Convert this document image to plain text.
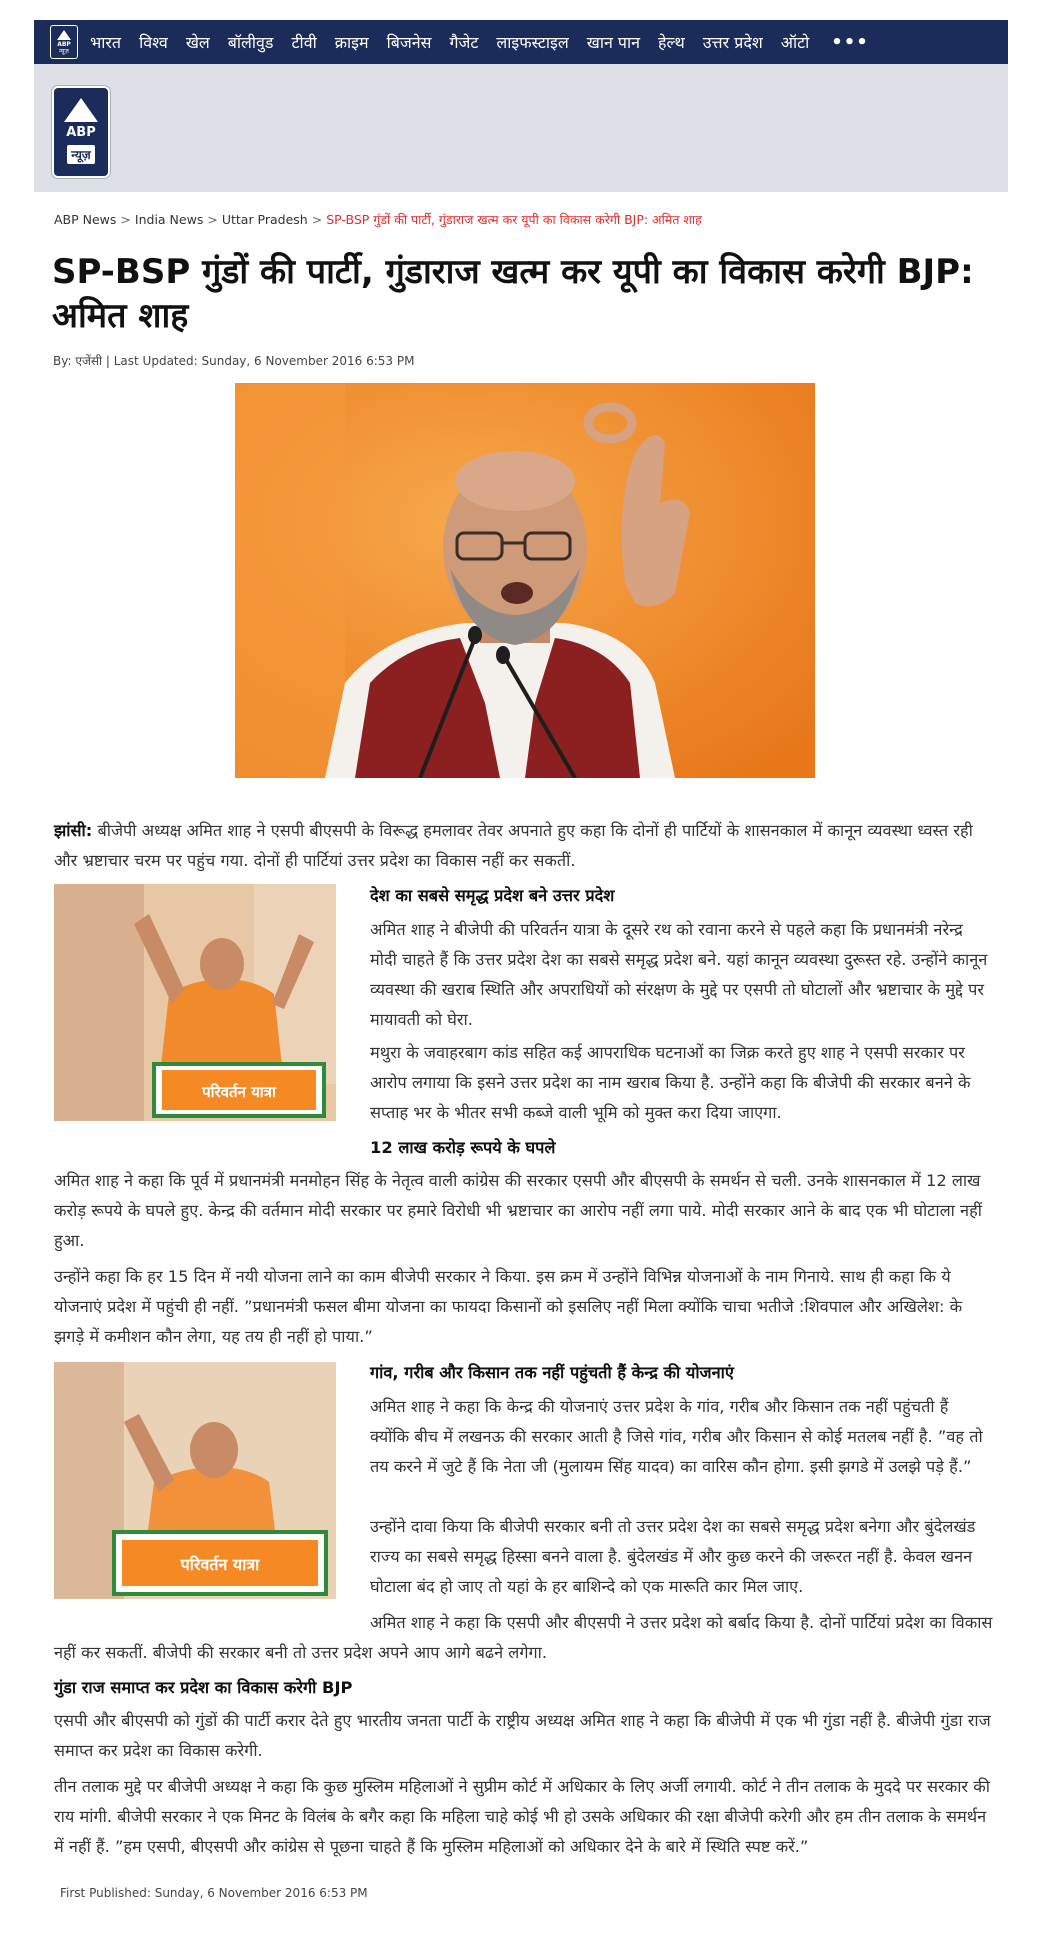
ABP
न्यूज़ भारत विश्व खेल बॉलीवुड टीवी क्राइम बिजनेस गैजेट लाइफस्टाइल खान पान हेल्थ उत्तर प्रदेश ऑटो •••
ABP
न्यूज़
ABP News > India News > Uttar Pradesh > SP-BSP गुंडों की पार्टी, गुंडाराज खत्म कर यूपी का विकास करेगी BJP: अमित शाह
SP-BSP गुंडों की पार्टी, गुंडाराज खत्म कर यूपी का विकास करेगी BJP: अमित शाह
By: एजेंसी | Last Updated: Sunday, 6 November 2016 6:53 PM

झांसी: बीजेपी अध्यक्ष अमित शाह ने एसपी बीएसपी के विरूद्ध हमलावर तेवर अपनाते हुए कहा कि दोनों ही पार्टियों के शासनकाल में कानून व्यवस्था ध्वस्त रही और भ्रष्टाचार चरम पर पहुंच गया. दोनों ही पार्टियां उत्तर प्रदेश का विकास नहीं कर सकतीं.

परिवर्तन यात्रा
देश का सबसे समृद्ध प्रदेश बने उत्तर प्रदेश

अमित शाह ने बीजेपी की परिवर्तन यात्रा के दूसरे रथ को रवाना करने से पहले कहा कि प्रधानमंत्री नरेन्द्र मोदी चाहते हैं कि उत्तर प्रदेश देश का सबसे समृद्ध प्रदेश बने. यहां कानून व्यवस्था दुरूस्त रहे. उन्होंने कानून व्यवस्था की खराब स्थिति और अपराधियों को संरक्षण के मुद्दे पर एसपी तो घोटालों और भ्रष्टाचार के मुद्दे पर मायावती को घेरा.

मथुरा के जवाहरबाग कांड सहित कई आपराधिक घटनाओं का जिक्र करते हुए शाह ने एसपी सरकार पर आरोप लगाया कि इसने उत्तर प्रदेश का नाम खराब किया है. उन्होंने कहा कि बीजेपी की सरकार बनने के सप्ताह भर के भीतर सभी कब्जे वाली भूमि को मुक्त करा दिया जाएगा.

12 लाख करोड़ रूपये के घपले

अमित शाह ने कहा कि पूर्व में प्रधानमंत्री मनमोहन सिंह के नेतृत्व वाली कांग्रेस की सरकार एसपी और बीएसपी के समर्थन से चली. उनके शासनकाल में 12 लाख करोड़ रूपये के घपले हुए. केन्द्र की वर्तमान मोदी सरकार पर हमारे विरोधी भी भ्रष्टाचार का आरोप नहीं लगा पाये. मोदी सरकार आने के बाद एक भी घोटाला नहीं हुआ.

उन्होंने कहा कि हर 15 दिन में नयी योजना लाने का काम बीजेपी सरकार ने किया. इस क्रम में उन्होंने विभिन्न योजनाओं के नाम गिनाये. साथ ही कहा कि ये योजनाएं प्रदेश में पहुंची ही नहीं. ”प्रधानमंत्री फसल बीमा योजना का फायदा किसानों को इसलिए नहीं मिला क्योंकि चाचा भतीजे :शिवपाल और अखिलेश: के झगड़े में कमीशन कौन लेगा, यह तय ही नहीं हो पाया.”

परिवर्तन यात्रा
गांव, गरीब और किसान तक नहीं पहुंचती हैं केन्द्र की योजनाएं

अमित शाह ने कहा कि केन्द्र की योजनाएं उत्तर प्रदेश के गांव, गरीब और किसान तक नहीं पहुंचती हैं क्योंकि बीच में लखनऊ की सरकार आती है जिसे गांव, गरीब और किसान से कोई मतलब नहीं है. ”वह तो तय करने में जुटे हैं कि नेता जी (मुलायम सिंह यादव) का वारिस कौन होगा. इसी झगडे में उलझे पड़े हैं.”

उन्होंने दावा किया कि बीजेपी सरकार बनी तो उत्तर प्रदेश देश का सबसे समृद्ध प्रदेश बनेगा और बुंदेलखंड राज्य का सबसे समृद्ध हिस्सा बनने वाला है. बुंदेलखंड में और कुछ करने की जरूरत नहीं है. केवल खनन घोटाला बंद हो जाए तो यहां के हर बाशिन्दे को एक मारूति कार मिल जाए.

अमित शाह ने कहा कि एसपी और बीएसपी ने उत्तर प्रदेश को बर्बाद किया है. दोनों पार्टियां प्रदेश का विकास नहीं कर सकतीं. बीजेपी की सरकार बनी तो उत्तर प्रदेश अपने आप आगे बढने लगेगा.

गुंडा राज समाप्त कर प्रदेश का विकास करेगी BJP

एसपी और बीएसपी को गुंडों की पार्टी करार देते हुए भारतीय जनता पार्टी के राष्ट्रीय अध्यक्ष अमित शाह ने कहा कि बीजेपी में एक भी गुंडा नहीं है. बीजेपी गुंडा राज समाप्त कर प्रदेश का विकास करेगी.

तीन तलाक मुद्दे पर बीजेपी अध्यक्ष ने कहा कि कुछ मुस्लिम महिलाओं ने सुप्रीम कोर्ट में अधिकार के लिए अर्जी लगायी. कोर्ट ने तीन तलाक के मुददे पर सरकार की राय मांगी. बीजेपी सरकार ने एक मिनट के विलंब के बगैर कहा कि महिला चाहे कोई भी हो उसके अधिकार की रक्षा बीजेपी करेगी और हम तीन तलाक के समर्थन में नहीं हैं. ”हम एसपी, बीएसपी और कांग्रेस से पूछना चाहते हैं कि मुस्लिम महिलाओं को अधिकार देने के बारे में स्थिति स्पष्ट करें.”

First Published: Sunday, 6 November 2016 6:53 PM
